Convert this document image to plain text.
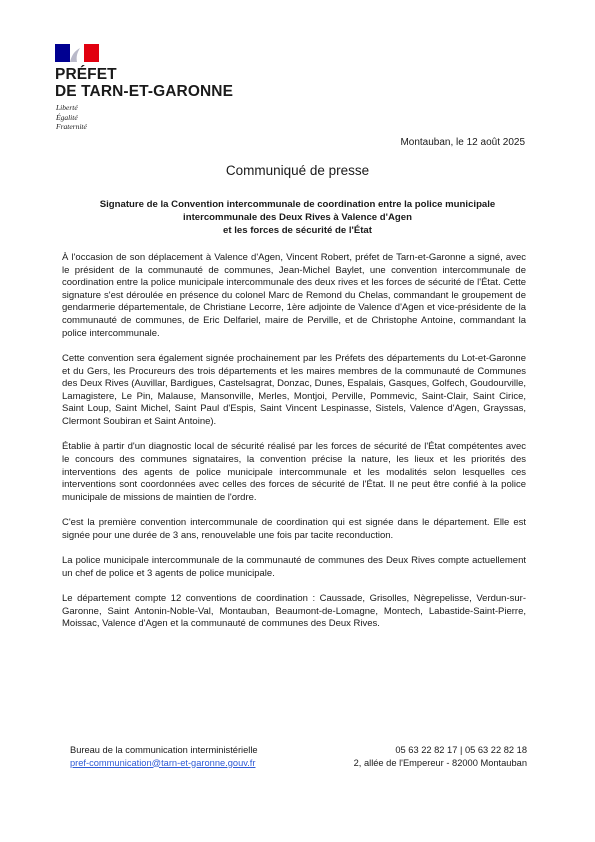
PRÉFET
DE TARN-ET-GARONNE
Liberté
Égalité
Fraternité
Montauban, le 12 août 2025
Communiqué de presse
Signature de la Convention intercommunale de coordination entre la police municipale
intercommunale des Deux Rives à Valence d'Agen
et les forces de sécurité de l'État

À l'occasion de son déplacement à Valence d'Agen, Vincent Robert, préfet de Tarn-et-Garonne a signé, avec le président de la communauté de communes, Jean-Michel Baylet, une convention intercommunale de coordination entre la police municipale intercommunale des deux rives et les forces de sécurité de l'État. Cette signature s'est déroulée en présence du colonel Marc de Remond du Chelas, commandant le groupement de gendarmerie départementale, de Christiane Lecorre, 1ère adjointe de Valence d'Agen et vice-présidente de la communauté de communes, de Eric Delfariel, maire de Perville, et de Christophe Antoine, commandant la police intercommunale.

Cette convention sera également signée prochainement par les Préfets des départements du Lot-et-Garonne et du Gers, les Procureurs des trois départements et les maires membres de la communauté de Communes des Deux Rives (Auvillar, Bardigues, Castelsagrat, Donzac, Dunes, Espalais, Gasques, Golfech, Goudourville, Lamagistere, Le Pin, Malause, Mansonville, Merles, Montjoi, Perville, Pommevic, Saint-Clair, Saint Cirice, Saint Loup, Saint Michel, Saint Paul d'Espis, Saint Vincent Lespinasse, Sistels, Valence d'Agen, Grayssas, Clermont Soubiran et Saint Antoine).

Établie à partir d'un diagnostic local de sécurité réalisé par les forces de sécurité de l'État compétentes avec le concours des communes signataires, la convention précise la nature, les lieux et les priorités des interventions des agents de police municipale intercommunale et les modalités selon lesquelles ces interventions sont coordonnées avec celles des forces de sécurité de l'État. Il ne peut être confié à la police municipale de missions de maintien de l'ordre.

C'est la première convention intercommunale de coordination qui est signée dans le département. Elle est signée pour une durée de 3 ans, renouvelable une fois par tacite reconduction.

La police municipale intercommunale de la communauté de communes des Deux Rives compte actuellement un chef de police et 3 agents de police municipale.

Le département compte 12 conventions de coordination : Caussade, Grisolles, Nègrepelisse, Verdun-sur-Garonne, Saint Antonin-Noble-Val, Montauban, Beaumont-de-Lomagne, Montech, Labastide-Saint-Pierre, Moissac, Valence d'Agen et la communauté de communes des Deux Rives.

Bureau de la communication interministérielle
pref-communication@tarn-et-garonne.gouv.fr
05 63 22 82 17 | 05 63 22 82 18
2, allée de l'Empereur - 82000 Montauban
